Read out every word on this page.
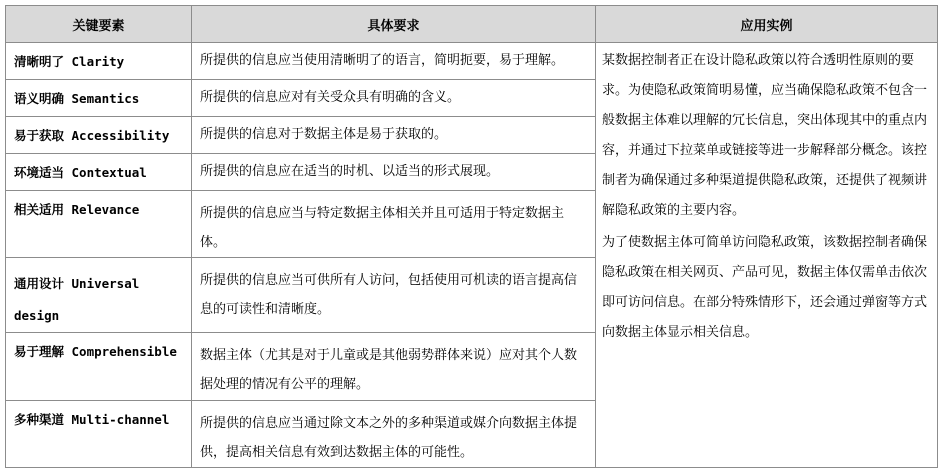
关键要素	具体要求	应用实例
清晰明了 Clarity	所提供的信息应当使用清晰明了的语言，简明扼要，易于理解。	某数据控制者正在设计隐私政策以符合透明性原则的要求。为使隐私政策简明易懂，应当确保隐私政策不包含一般数据主体难以理解的冗长信息，突出体现其中的重点内容，并通过下拉菜单或链接等进一步解释部分概念。该控制者为确保通过多种渠道提供隐私政策，还提供了视频讲解隐私政策的主要内容。

为了使数据主体可简单访问隐私政策，该数据控制者确保隐私政策在相关网页、产品可见，数据主体仅需单击依次即可访问信息。在部分特殊情形下，还会通过弹窗等方式向数据主体显示相关信息。

语义明确 Semantics	所提供的信息应对有关受众具有明确的含义。	
易于获取 Accessibility	所提供的信息对于数据主体是易于获取的。	
环境适当 Contextual	所提供的信息应在适当的时机、以适当的形式展现。	
相关适用 Relevance	所提供的信息应当与特定数据主体相关并且可适用于特定数据主体。	
通用设计 Universal design	所提供的信息应当可供所有人访问，包括使用可机读的语言提高信息的可读性和清晰度。	
易于理解 Comprehensible	数据主体（尤其是对于儿童或是其他弱势群体来说）应对其个人数据处理的情况有公平的理解。	
多种渠道 Multi-channel	所提供的信息应当通过除文本之外的多种渠道或媒介向数据主体提供，提高相关信息有效到达数据主体的可能性。	
